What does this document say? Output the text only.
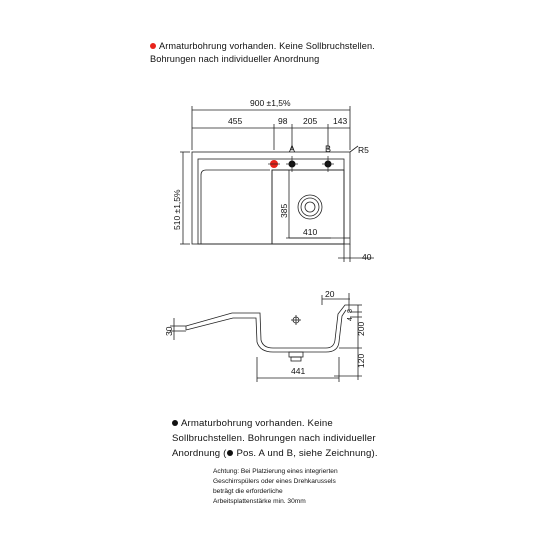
Armaturbohrung vorhanden. Keine Sollbruchstellen.
Bohrungen nach individueller Anordnung
900 ±1,5%
455	98 205 143
A	B	R5
510 ±1,5%	385
410
40
20
30
8
4
200
120
441
Armaturbohrung vorhanden. Keine
Sollbruchstellen. Bohrungen nach individueller
Anordnung ( Pos. A und B, siehe Zeichnung).
Achtung: Bei Platzierung eines integrierten
Geschirrspülers oder eines Drehkarussels
beträgt die erforderliche
Arbeitsplattenstärke min. 30mm
